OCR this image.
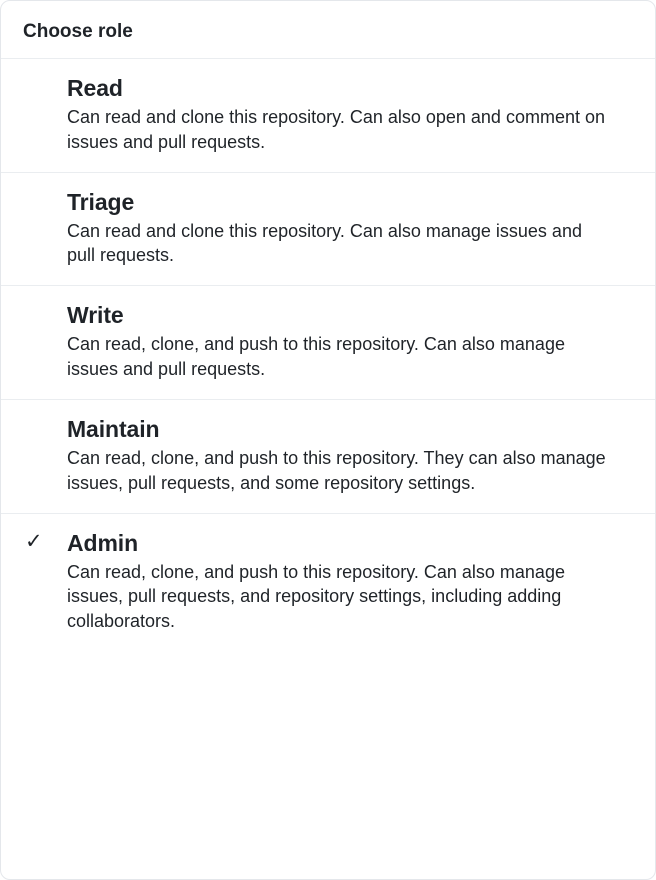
Choose role
Read
Can read and clone this repository. Can also open and comment on issues and pull requests.
Triage
Can read and clone this repository. Can also manage issues and pull requests.
Write
Can read, clone, and push to this repository. Can also manage issues and pull requests.
Maintain
Can read, clone, and push to this repository. They can also manage issues, pull requests, and some repository settings.
✓ Admin
Can read, clone, and push to this repository. Can also manage issues, pull requests, and repository settings, including adding collaborators.
